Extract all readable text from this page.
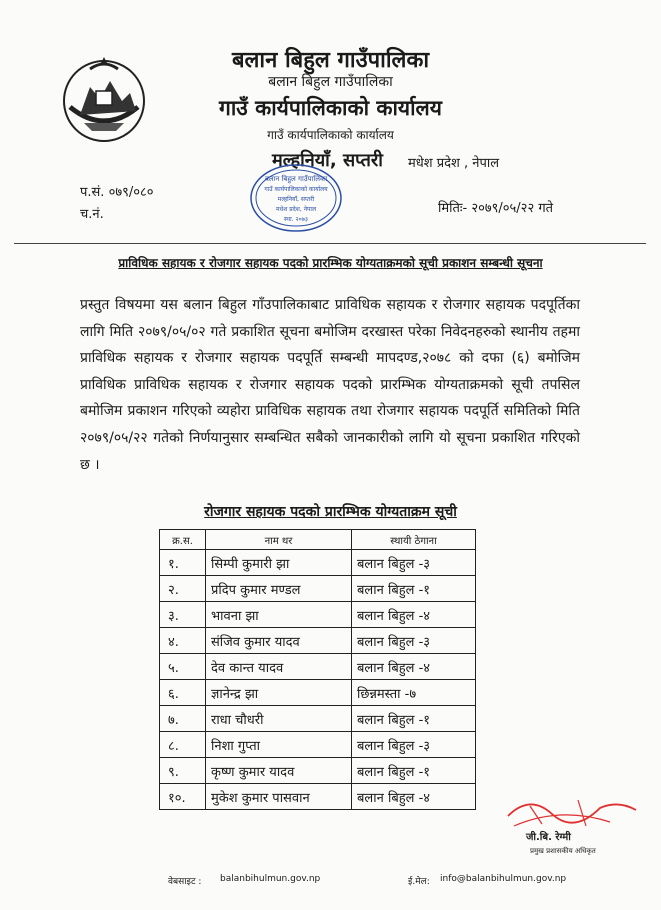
बलान बिहुल गाउँपालिका
बलान बिहुल गाउँपालिका
गाउँ कार्यपालिकाको कार्यालय
गाउँ कार्यपालिकाको कार्यालय
मल्हनियाँ, सप्तरी मधेश प्रदेश , नेपाल
बलान बिहुल गाउँपालिका
गाउँ कार्यपालिकाको कार्यालय
मल्हनियाँ, सप्तरी
मधेश प्रदेश, नेपाल
स्था. २०७३
प.सं. ०७९/०८०
च.नं.	मितिः- २०७९/०५/२२ गते
प्राविधिक सहायक र रोजगार सहायक पदको प्रारम्भिक योग्यताक्रमको सूची प्रकाशन सम्बन्धी सूचना
प्रस्तुत विषयमा यस बलान बिहुल गाँउपालिकाबाट प्राविधिक सहायक र रोजगार सहायक पदपूर्तिका लागि मिति २०७९/०५/०२ गते प्रकाशित सूचना बमोजिम दरखास्त परेका निवेदनहरुको स्थानीय तहमा प्राविधिक सहायक र रोजगार सहायक पदपूर्ति सम्बन्धी मापदण्ड,२०७८ को दफा (६) बमोजिम प्राविधिक प्राविधिक सहायक र रोजगार सहायक पदको प्रारम्भिक योग्यताक्रमको सूची तपसिल बमोजिम प्रकाशन गरिएको व्यहोरा प्राविधिक सहायक तथा रोजगार सहायक पदपूर्ति समितिको मिति २०७९/०५/२२ गतेको निर्णयानुसार सम्बन्धित सबैको जानकारीको लागि यो सूचना प्रकाशित गरिएको छ ।
रोजगार सहायक पदको प्रारम्भिक योग्यताक्रम सूची
क्र.स.	नाम थर	स्थायी ठेगाना
१.	सिम्पी कुमारी झा	बलान बिहुल -३
२.	प्रदिप कुमार मण्डल	बलान बिहुल -१
३.	भावना झा	बलान बिहुल -४
४.	संजिव कुमार यादव	बलान बिहुल -३
५.	देव कान्त यादव	बलान बिहुल -४
६.	ज्ञानेन्द्र झा	छिन्नमस्ता -७
७.	राधा चौधरी	बलान बिहुल -१
८.	निशा गुप्ता	बलान बिहुल -३
९.	कृष्ण कुमार यादव	बलान बिहुल -१
१०.	मुकेश कुमार पासवान	बलान बिहुल -४
जी.बि. रेग्मी
प्रमुख प्रशासकीय अधिकृत
वेबसाइट : balanbihulmun.gov.np	ई.मेल: info@balanbihulmun.gov.np
